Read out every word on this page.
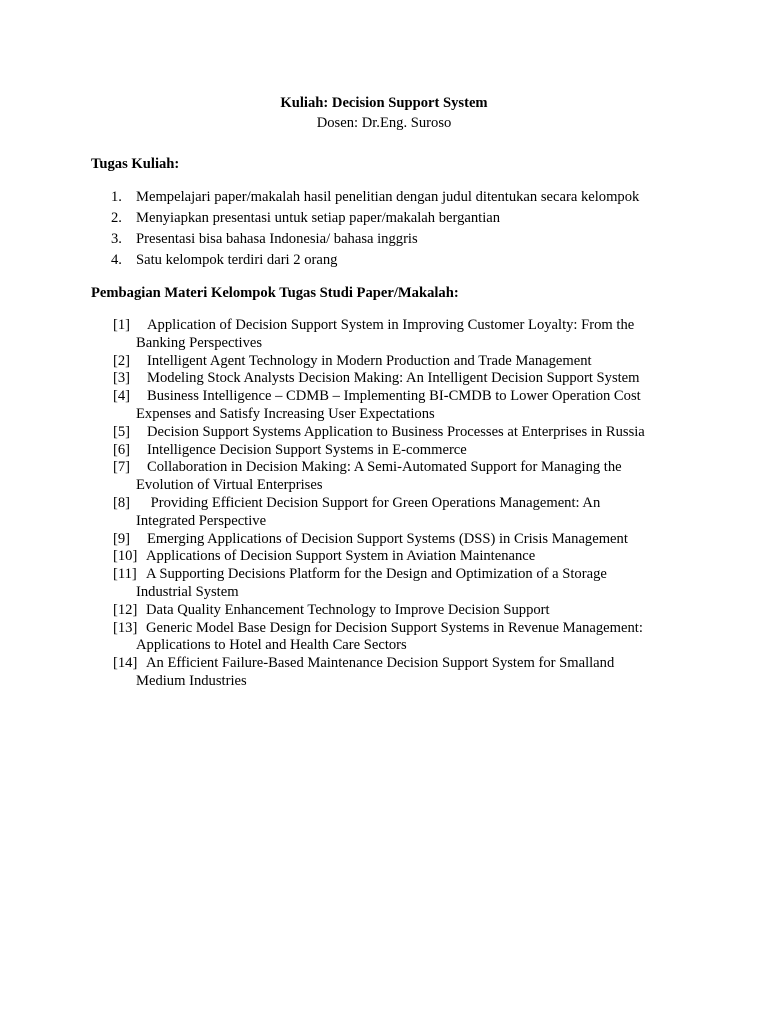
Kuliah: Decision Support System
Dosen: Dr.Eng. Suroso
Tugas Kuliah:
1. Mempelajari paper/makalah hasil penelitian dengan judul ditentukan secara kelompok
2. Menyiapkan presentasi untuk setiap paper/makalah bergantian
3. Presentasi bisa bahasa Indonesia/ bahasa inggris
4. Satu kelompok terdiri dari 2 orang
Pembagian Materi Kelompok Tugas Studi Paper/Makalah:
[1]	Application of Decision Support System in Improving Customer Loyalty: From the
Banking Perspectives
[2]	Intelligent Agent Technology in Modern Production and Trade Management
[3]	Modeling Stock Analysts Decision Making: An Intelligent Decision Support System
[4]	Business Intelligence – CDMB – Implementing BI-CMDB to Lower Operation Cost
Expenses and Satisfy Increasing User Expectations
[5]	Decision Support Systems Application to Business Processes at Enterprises in Russia
[6]	Intelligence Decision Support Systems in E-commerce
[7]	Collaboration in Decision Making: A Semi-Automated Support for Managing the
Evolution of Virtual Enterprises
[8]	Providing Efficient Decision Support for Green Operations Management: An
Integrated Perspective
[9]	Emerging Applications of Decision Support Systems (DSS) in Crisis Management
[10] Applications of Decision Support System in Aviation Maintenance
[11] A Supporting Decisions Platform for the Design and Optimization of a Storage
Industrial System
[12] Data Quality Enhancement Technology to Improve Decision Support
[13] Generic Model Base Design for Decision Support Systems in Revenue Management:
Applications to Hotel and Health Care Sectors
[14] An Efficient Failure-Based Maintenance Decision Support System for Smalland
Medium Industries
